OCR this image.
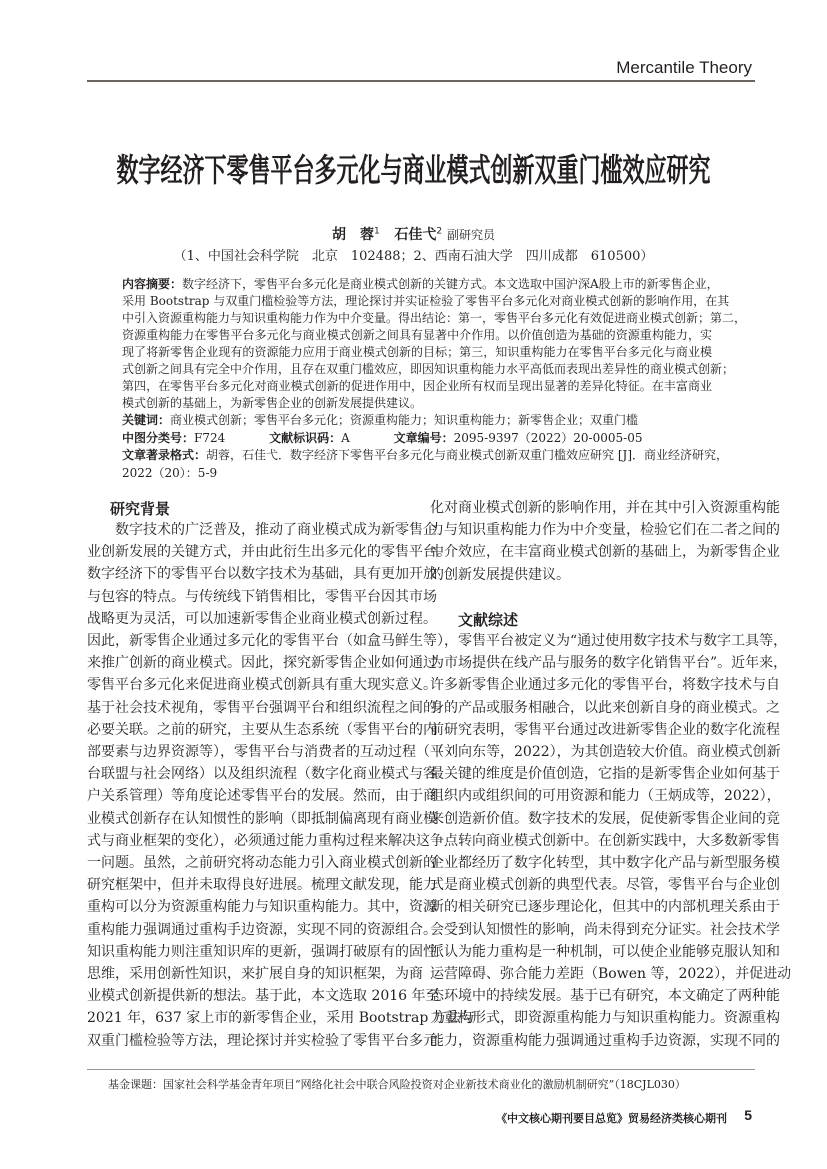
Mercantile Theory
数字经济下零售平台多元化与商业模式创新双重门槛效应研究
胡　蓉$^1$ 石佳弋$^2$ 副研究员
（1、中国社会科学院　北京　102488；2、西南石油大学　四川成都　610500）
内容摘要：数字经济下，零售平台多元化是商业模式创新的关键方式。本文选取中国沪深A股上市的新零售企业，
采用 Bootstrap 与双重门槛检验等方法，理论探讨并实证检验了零售平台多元化对商业模式创新的影响作用，在其
中引入资源重构能力与知识重构能力作为中介变量。得出结论：第一，零售平台多元化有效促进商业模式创新；第二，
资源重构能力在零售平台多元化与商业模式创新之间具有显著中介作用。以价值创造为基础的资源重构能力，实
现了将新零售企业现有的资源能力应用于商业模式创新的目标；第三，知识重构能力在零售平台多元化与商业模
式创新之间具有完全中介作用，且存在双重门槛效应，即因知识重构能力水平高低而表现出差异性的商业模式创新；
第四，在零售平台多元化对商业模式创新的促进作用中，因企业所有权而呈现出显著的差异化特征。在丰富商业
模式创新的基础上，为新零售企业的创新发展提供建议。
关键词：商业模式创新；零售平台多元化；资源重构能力；知识重构能力；新零售企业；双重门槛
中图分类号：F724	文献标识码：A	文章编号：2095-9397（2022）20-0005-05
文章著录格式：胡蓉，石佳弋．数字经济下零售平台多元化与商业模式创新双重门槛效应研究 [J]．商业经济研究，
2022（20）：5-9
研究背景
文献综述
数字技术的广泛普及，推动了商业模式成为新零售企
业创新发展的关键方式，并由此衍生出多元化的零售平台。
数字经济下的零售平台以数字技术为基础，具有更加开放
与包容的特点。与传统线下销售相比，零售平台因其市场
战略更为灵活，可以加速新零售企业商业模式创新过程。
因此，新零售企业通过多元化的零售平台（如盒马鲜生等），
来推广创新的商业模式。因此，探究新零售企业如何通过
零售平台多元化来促进商业模式创新具有重大现实意义。
基于社会技术视角，零售平台强调平台和组织流程之间的
必要关联。之前的研究，主要从生态系统（零售平台的内
部要素与边界资源等），零售平台与消费者的互动过程（平
台联盟与社会网络）以及组织流程（数字化商业模式与客
户关系管理）等角度论述零售平台的发展。然而，由于商
业模式创新存在认知惯性的影响（即抵制偏离现有商业模
式与商业框架的变化），必须通过能力重构过程来解决这
一问题。虽然，之前研究将动态能力引入商业模式创新的
研究框架中，但并未取得良好进展。梳理文献发现，能力
重构可以分为资源重构能力与知识重构能力。其中，资源
重构能力强调通过重构手边资源，实现不同的资源组合。
知识重构能力则注重知识库的更新，强调打破原有的固性
思维，采用创新性知识，来扩展自身的知识框架，为商
业模式创新提供新的想法。基于此，本文选取 2016 年至
2021 年，637 家上市的新零售企业，采用 Bootstrap 方法与
双重门槛检验等方法，理论探讨并实检验了零售平台多元
化对商业模式创新的影响作用，并在其中引入资源重构能
力与知识重构能力作为中介变量，检验它们在二者之间的
中介效应，在丰富商业模式创新的基础上，为新零售企业
的创新发展提供建议。
零售平台被定义为“通过使用数字技术与数字工具等，
为市场提供在线产品与服务的数字化销售平台”。近年来，
许多新零售企业通过多元化的零售平台，将数字技术与自
身的产品或服务相融合，以此来创新自身的商业模式。之
前研究表明，零售平台通过改进新零售企业的数字化流程
（刘向东等，2022），为其创造较大价值。商业模式创新
最关键的维度是价值创造，它指的是新零售企业如何基于
组织内或组织间的可用资源和能力（王炳成等，2022），
来创造新价值。数字技术的发展，促使新零售企业间的竞
争点转向商业模式创新中。在创新实践中，大多数新零售
企业都经历了数字化转型，其中数字化产品与新型服务模
式是商业模式创新的典型代表。尽管，零售平台与企业创
新的相关研究已逐步理论化，但其中的内部机理关系由于
会受到认知惯性的影响，尚未得到充分证实。社会技术学
派认为能力重构是一种机制，可以使企业能够克服认知和
运营障碍、弥合能力差距（Bowen 等，2022），并促进动
态环境中的持续发展。基于已有研究，本文确定了两种能
力重构形式，即资源重构能力与知识重构能力。资源重构
能力，资源重构能力强调通过重构手边资源，实现不同的
基金课题：国家社会科学基金青年项目“网络化社会中联合风险投资对企业新技术商业化的激励机制研究”（18CJL030）
《中文核心期刊要目总览》贸易经济类核心期刊 5
